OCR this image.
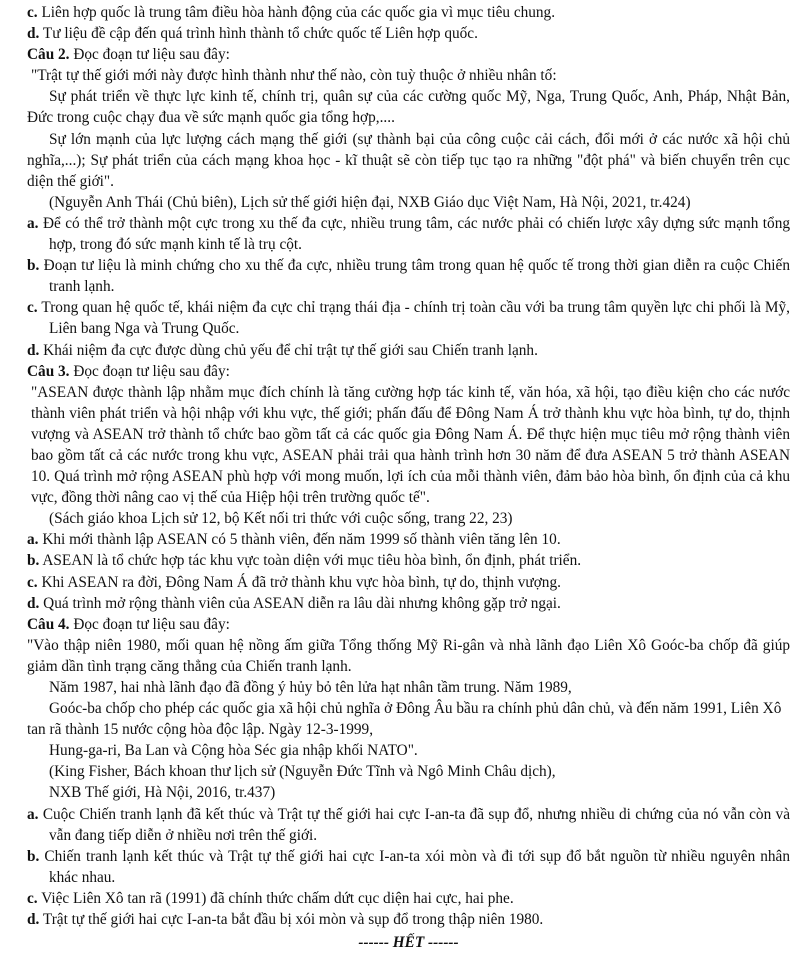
c. Liên hợp quốc là trung tâm điều hòa hành động của các quốc gia vì mục tiêu chung.

d. Tư liệu đề cập đến quá trình hình thành tổ chức quốc tế Liên hợp quốc.

Câu 2. Đọc đoạn tư liệu sau đây:

"Trật tự thế giới mới này được hình thành như thế nào, còn tuỳ thuộc ở nhiều nhân tố:

Sự phát triển về thực lực kinh tế, chính trị, quân sự của các cường quốc Mỹ, Nga, Trung Quốc, Anh, Pháp, Nhật Bản, Đức trong cuộc chạy đua về sức mạnh quốc gia tổng hợp,....

Sự lớn mạnh của lực lượng cách mạng thế giới (sự thành bại của công cuộc cải cách, đổi mới ở các nước xã hội chủ nghĩa,...); Sự phát triển của cách mạng khoa học - kĩ thuật sẽ còn tiếp tục tạo ra những "đột phá" và biến chuyển trên cục diện thế giới".

(Nguyễn Anh Thái (Chủ biên), Lịch sử thế giới hiện đại, NXB Giáo dục Việt Nam, Hà Nội, 2021, tr.424)

a. Để có thể trở thành một cực trong xu thế đa cực, nhiều trung tâm, các nước phải có chiến lược xây dựng sức mạnh tổng hợp, trong đó sức mạnh kinh tế là trụ cột.

b. Đoạn tư liệu là minh chứng cho xu thế đa cực, nhiều trung tâm trong quan hệ quốc tế trong thời gian diễn ra cuộc Chiến tranh lạnh.

c. Trong quan hệ quốc tế, khái niệm đa cực chỉ trạng thái địa - chính trị toàn cầu với ba trung tâm quyền lực chi phối là Mỹ, Liên bang Nga và Trung Quốc.

d. Khái niệm đa cực được dùng chủ yếu để chỉ trật tự thế giới sau Chiến tranh lạnh.

Câu 3. Đọc đoạn tư liệu sau đây:

"ASEAN được thành lập nhằm mục đích chính là tăng cường hợp tác kinh tế, văn hóa, xã hội, tạo điều kiện cho các nước thành viên phát triển và hội nhập với khu vực, thế giới; phấn đấu để Đông Nam Á trở thành khu vực hòa bình, tự do, thịnh vượng và ASEAN trở thành tổ chức bao gồm tất cả các quốc gia Đông Nam Á. Để thực hiện mục tiêu mở rộng thành viên bao gồm tất cả các nước trong khu vực, ASEAN phải trải qua hành trình hơn 30 năm để đưa ASEAN 5 trở thành ASEAN 10. Quá trình mở rộng ASEAN phù hợp với mong muốn, lợi ích của mỗi thành viên, đảm bảo hòa bình, ổn định của cả khu vực, đồng thời nâng cao vị thế của Hiệp hội trên trường quốc tế".

(Sách giáo khoa Lịch sử 12, bộ Kết nối tri thức với cuộc sống, trang 22, 23)

a. Khi mới thành lập ASEAN có 5 thành viên, đến năm 1999 số thành viên tăng lên 10.

b. ASEAN là tổ chức hợp tác khu vực toàn diện với mục tiêu hòa bình, ổn định, phát triển.

c. Khi ASEAN ra đời, Đông Nam Á đã trở thành khu vực hòa bình, tự do, thịnh vượng.

d. Quá trình mở rộng thành viên của ASEAN diễn ra lâu dài nhưng không gặp trở ngại.

Câu 4. Đọc đoạn tư liệu sau đây:

"Vào thập niên 1980, mối quan hệ nồng ấm giữa Tổng thống Mỹ Ri-gân và nhà lãnh đạo Liên Xô Goóc-ba chốp đã giúp giảm dần tình trạng căng thẳng của Chiến tranh lạnh.

Năm 1987, hai nhà lãnh đạo đã đồng ý hủy bỏ tên lửa hạt nhân tầm trung. Năm 1989,

Goóc-ba chốp cho phép các quốc gia xã hội chủ nghĩa ở Đông Âu bầu ra chính phủ dân chủ, và đến năm 1991, Liên Xô tan rã thành 15 nước cộng hòa độc lập. Ngày 12-3-1999,

Hung-ga-ri, Ba Lan và Cộng hòa Séc gia nhập khối NATO".

(King Fisher, Bách khoan thư lịch sử (Nguyễn Đức Tĩnh và Ngô Minh Châu dịch),

NXB Thế giới, Hà Nội, 2016, tr.437)

a. Cuộc Chiến tranh lạnh đã kết thúc và Trật tự thế giới hai cực I-an-ta đã sụp đổ, nhưng nhiều di chứng của nó vẫn còn và vẫn đang tiếp diễn ở nhiều nơi trên thế giới.

b. Chiến tranh lạnh kết thúc và Trật tự thế giới hai cực I-an-ta xói mòn và đi tới sụp đổ bắt nguồn từ nhiều nguyên nhân khác nhau.

c. Việc Liên Xô tan rã (1991) đã chính thức chấm dứt cục diện hai cực, hai phe.

d. Trật tự thế giới hai cực I-an-ta bắt đầu bị xói mòn và sụp đổ trong thập niên 1980.

------ HẾT ------
